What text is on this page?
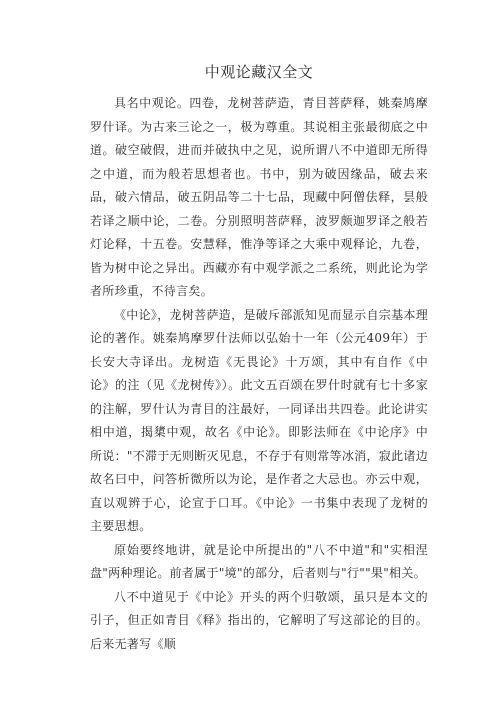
中观论藏汉全文

具名中观论。四卷，龙树菩萨造，青目菩萨释，姚秦鸠摩罗什译。为古来三论之一，极为尊重。其说相主张最彻底之中道。破空破假，进而并破执中之见，说所谓八不中道即无所得之中道，而为般若思想者也。书中，别为破因缘品，破去来品，破六情品，破五阴品等二十七品，现藏中阿僧佉释，昙般若译之顺中论，二卷。分别照明菩萨释，波罗颇迦罗译之般若灯论释，十五卷。安慧释，惟净等译之大乘中观释论，九卷，皆为树中论之异出。西藏亦有中观学派之二系统，则此论为学者所珍重，不待言矣。

《中论》，龙树菩萨造，是破斥部派知见而显示自宗基本理论的著作。姚秦鸠摩罗什法师以弘始十一年（公元409年）于长安大寺译出。龙树造《无畏论》十万颂，其中有自作《中论》的注（见《龙树传》）。此文五百颂在罗什时就有七十多家的注解，罗什认为青目的注最好，一同译出共四卷。此论讲实相中道，揭橥中观，故名《中论》。即影法师在《中论序》中所说："不滞于无则断灭见息，不存于有则常等冰消，寂此诸边故名曰中，问答析微所以为论，是作者之大忌也。亦云中观，直以观辨于心，论宣于口耳。《中论》一书集中表现了龙树的主要思想。

原始要终地讲，就是论中所提出的"八不中道"和"实相涅盘"两种理论。前者属于"境"的部分，后者则与"行""果"相关。

八不中道见于《中论》开头的两个归敬颂，虽只是本文的引子，但正如青目《释》指出的，它解明了写这部论的目的。后来无著写《顺
